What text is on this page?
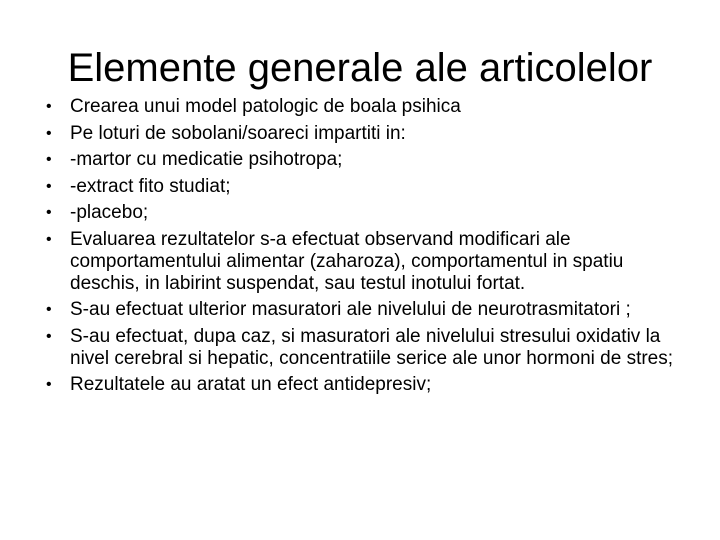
Elemente generale ale articolelor
• Crearea unui model patologic de boala psihica
• Pe loturi de sobolani/soareci impartiti in:
• -martor cu medicatie psihotropa;
• -extract fito studiat;
• -placebo;
• Evaluarea rezultatelor s-a efectuat observand modificari ale comportamentului alimentar (zaharoza), comportamentul in spatiu deschis, in labirint suspendat, sau testul inotului fortat.
• S-au efectuat ulterior masuratori ale nivelului de neurotrasmitatori ;
• S-au efectuat, dupa caz, si masuratori ale nivelului stresului oxidativ la nivel cerebral si hepatic, concentratiile serice ale unor hormoni de stres;
• Rezultatele au aratat un efect antidepresiv;
